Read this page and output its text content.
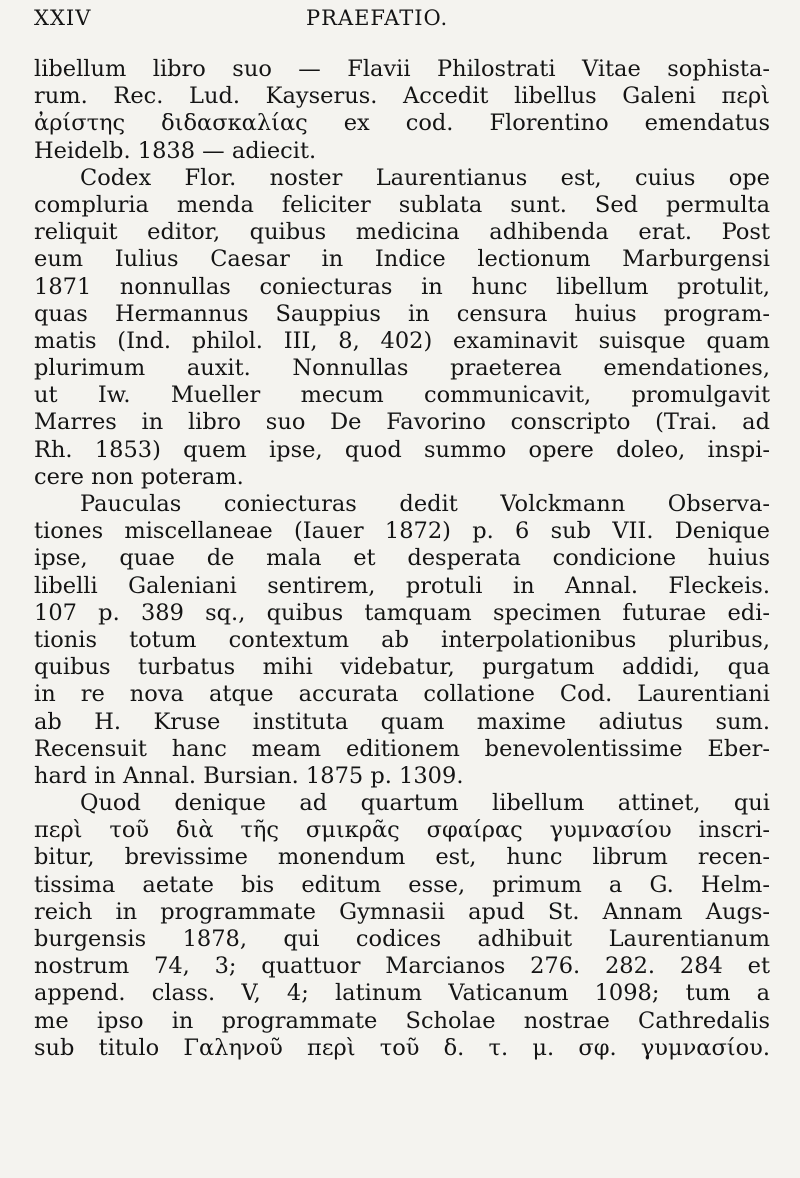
XXIV	PRAEFATIO.
libellum libro suo — Flavii Philostrati Vitae sophista-
rum. Rec. Lud. Kayserus. Accedit libellus Galeni περὶ
ἀρίστης διδασκαλίας ex cod. Florentino emendatus
Heidelb. 1838 — adiecit.
Codex Flor. noster Laurentianus est, cuius ope
compluria menda feliciter sublata sunt. Sed permulta
reliquit editor, quibus medicina adhibenda erat. Post
eum Iulius Caesar in Indice lectionum Marburgensi
1871 nonnullas coniecturas in hunc libellum protulit,
quas Hermannus Sauppius in censura huius program-
matis (Ind. philol. III, 8, 402) examinavit suisque quam
plurimum auxit. Nonnullas praeterea emendationes,
ut Iw. Mueller mecum communicavit, promulgavit
Marres in libro suo De Favorino conscripto (Trai. ad
Rh. 1853) quem ipse, quod summo opere doleo, inspi-
cere non poteram.
Pauculas coniecturas dedit Volckmann Observa-
tiones miscellaneae (Iauer 1872) p. 6 sub VII. Denique
ipse, quae de mala et desperata condicione huius
libelli Galeniani sentirem, protuli in Annal. Fleckeis.
107 p. 389 sq., quibus tamquam specimen futurae edi-
tionis totum contextum ab interpolationibus pluribus,
quibus turbatus mihi videbatur, purgatum addidi, qua
in re nova atque accurata collatione Cod. Laurentiani
ab H. Kruse instituta quam maxime adiutus sum.
Recensuit hanc meam editionem benevolentissime Eber-
hard in Annal. Bursian. 1875 p. 1309.
Quod denique ad quartum libellum attinet, qui
περὶ τοῦ διὰ τῆς σμικρᾶς σφαίρας γυμνασίου inscri-
bitur, brevissime monendum est, hunc librum recen-
tissima aetate bis editum esse, primum a G. Helm-
reich in programmate Gymnasii apud St. Annam Augs-
burgensis 1878, qui codices adhibuit Laurentianum
nostrum 74, 3; quattuor Marcianos 276. 282. 284 et
append. class. V, 4; latinum Vaticanum 1098; tum a
me ipso in programmate Scholae nostrae Cathredalis
sub titulo Γαληνοῦ περὶ τοῦ δ. τ. μ. σφ. γυμνασίου.
